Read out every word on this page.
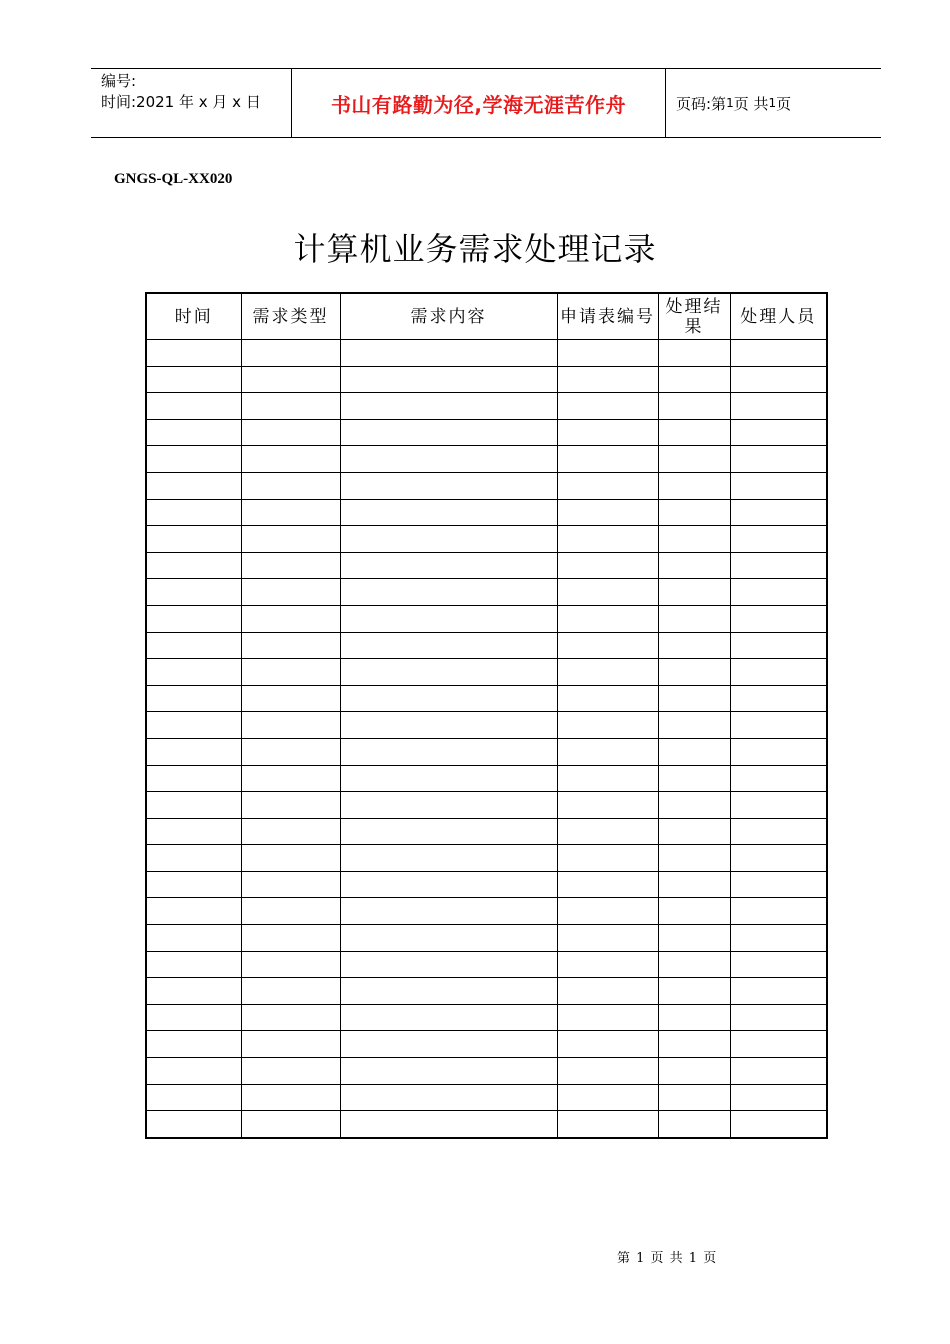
编号:
时间:2021 年 x 月 x 日	书山有路勤为径,学海无涯苦作舟	页码:第 1 页 共 1 页
GNGS-QL-XX020
计算机业务需求处理记录
时间	需求类型	需求内容	申请表编号	处理结果	处理人员

第 1 页 共 1 页
